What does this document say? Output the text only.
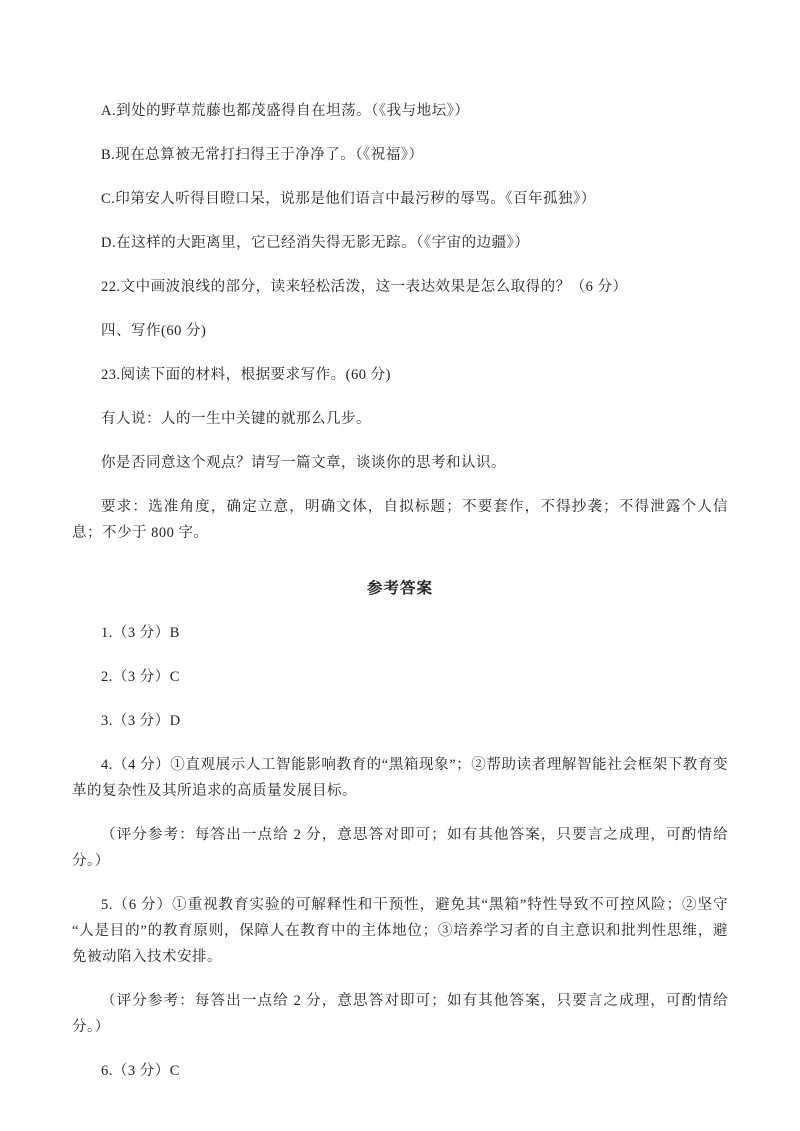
A.到处的野草荒藤也都茂盛得自在坦荡。（《我与地坛》）

B.现在总算被无常打扫得王于净净了。（《祝福》）

C.印第安人听得目瞪口呆，说那是他们语言中最污秽的辱骂。《百年孤独》）

D.在这样的大距离里，它已经消失得无影无踪。（《宇宙的边疆》）

22.文中画波浪线的部分，读来轻松活泼，这一表达效果是怎么取得的？（6 分）

四、写作(60 分)

23.阅读下面的材料，根据要求写作。(60 分)

有人说：人的一生中关键的就那么几步。

你是否同意这个观点？请写一篇文章，谈谈你的思考和认识。

要求：选准角度，确定立意，明确文体，自拟标题；不要套作，不得抄袭；不得泄露个人信息；不少于 800 字。

参考答案

1.（3 分）B

2.（3 分）C

3.（3 分）D

4.（4 分）①直观展示人工智能影响教育的“黑箱现象”；②帮助读者理解智能社会框架下教育变革的复杂性及其所追求的高质量发展目标。

（评分参考：每答出一点给 2 分，意思答对即可；如有其他答案，只要言之成理，可酌情给分。）

5.（6 分）①重视教育实验的可解释性和干预性，避免其“黑箱”特性导致不可控风险；②坚守“人是目的”的教育原则，保障人在教育中的主体地位；③培养学习者的自主意识和批判性思维，避免被动陷入技术安排。

（评分参考：每答出一点给 2 分，意思答对即可；如有其他答案，只要言之成理，可酌情给分。）

6.（3 分）C
